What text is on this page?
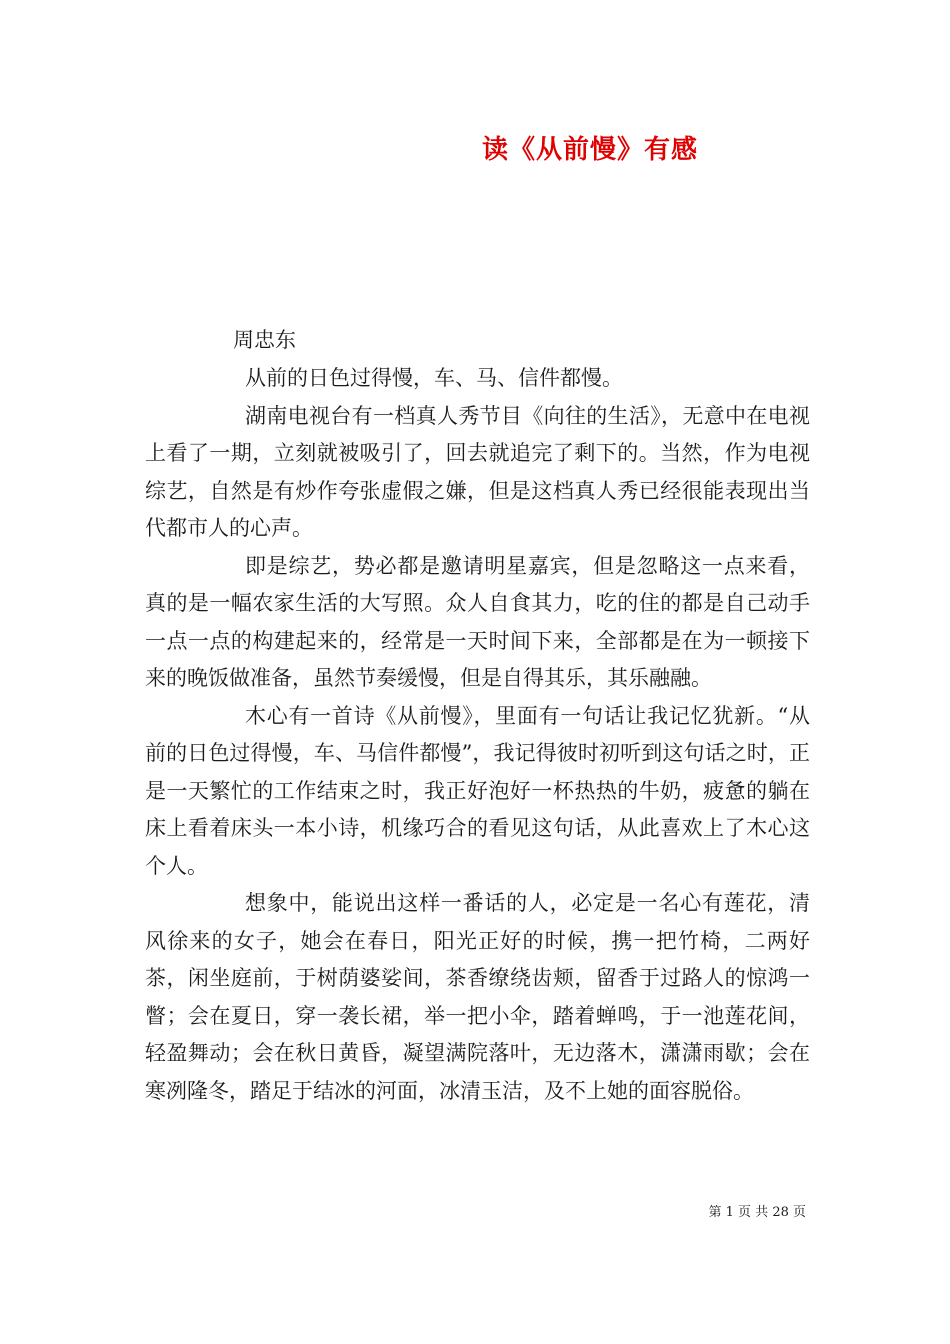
读《从前慢》有感
周忠东

从前的日色过得慢，车、马、信件都慢。

湖南电视台有一档真人秀节目《向往的生活》，无意中在电视上看了一期，立刻就被吸引了，回去就追完了剩下的。当然，作为电视综艺，自然是有炒作夸张虚假之嫌，但是这档真人秀已经很能表现出当代都市人的心声。

即是综艺，势必都是邀请明星嘉宾，但是忽略这一点来看，真的是一幅农家生活的大写照。众人自食其力，吃的住的都是自己动手一点一点的构建起来的，经常是一天时间下来，全部都是在为一顿接下来的晚饭做准备，虽然节奏缓慢，但是自得其乐，其乐融融。

木心有一首诗《从前慢》，里面有一句话让我记忆犹新。“从前的日色过得慢，车、马信件都慢”，我记得彼时初听到这句话之时，正是一天繁忙的工作结束之时，我正好泡好一杯热热的牛奶，疲惫的躺在床上看着床头一本小诗，机缘巧合的看见这句话，从此喜欢上了木心这个人。

想象中，能说出这样一番话的人，必定是一名心有莲花，清风徐来的女子，她会在春日，阳光正好的时候，携一把竹椅，二两好茶，闲坐庭前，于树荫婆娑间，茶香缭绕齿颊，留香于过路人的惊鸿一瞥；会在夏日，穿一袭长裙，举一把小伞，踏着蝉鸣，于一池莲花间，轻盈舞动；会在秋日黄昏，凝望满院落叶，无边落木，潇潇雨歇；会在寒冽隆冬，踏足于结冰的河面，冰清玉洁，及不上她的面容脱俗。

第 1 页 共 28 页
